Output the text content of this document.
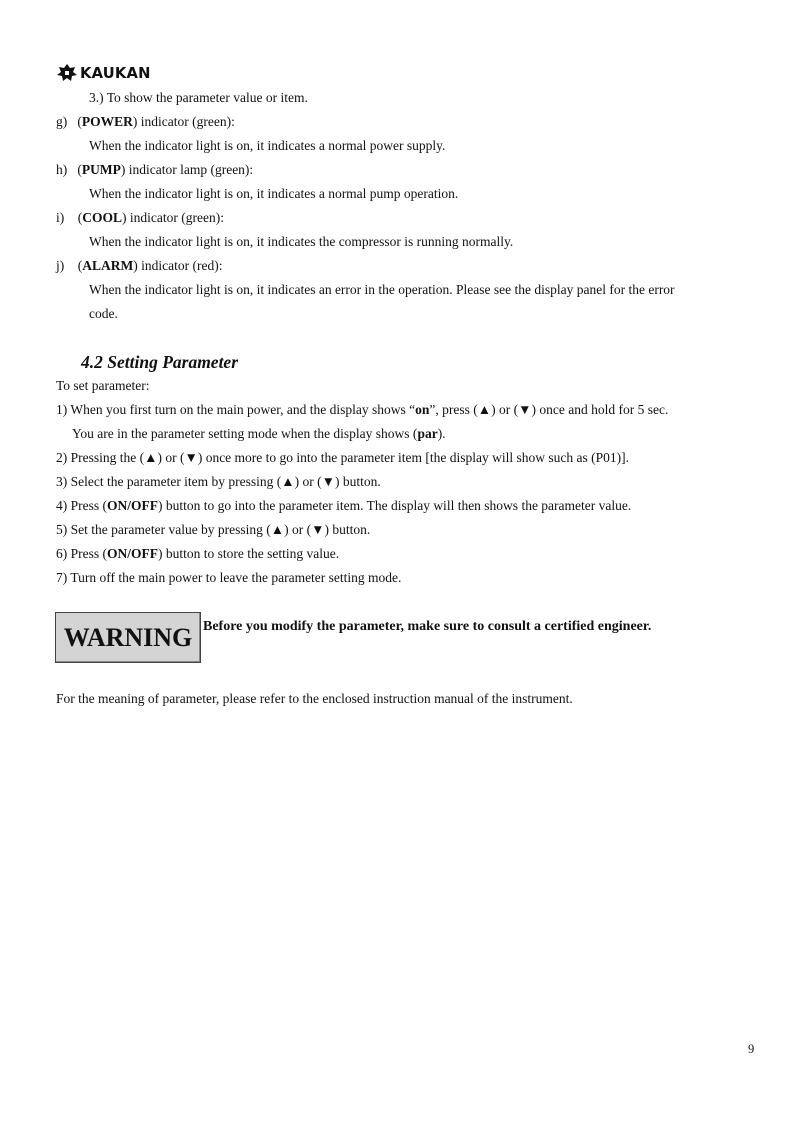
KAUKAN
3.) To show the parameter value or item.
g)   (POWER) indicator (green):
When the indicator light is on, it indicates a normal power supply.
h)   (PUMP) indicator lamp (green):
When the indicator light is on, it indicates a normal pump operation.
i)    (COOL) indicator (green):
When the indicator light is on, it indicates the compressor is running normally.
j)    (ALARM) indicator (red):
When the indicator light is on, it indicates an error in the operation. Please see the display panel for the error
code.
4.2 Setting Parameter
To set parameter:
1) When you first turn on the main power, and the display shows “on”, press (▲) or (▼) once and hold for 5 sec.
You are in the parameter setting mode when the display shows (par).
2) Pressing the (▲) or (▼) once more to go into the parameter item [the display will show such as (P01)].
3) Select the parameter item by pressing (▲) or (▼) button.
4) Press (ON/OFF) button to go into the parameter item. The display will then shows the parameter value.
5) Set the parameter value by pressing (▲) or (▼) button.
6) Press (ON/OFF) button to store the setting value.
7) Turn off the main power to leave the parameter setting mode.
WARNING Before you modify the parameter, make sure to consult a certified engineer.
For the meaning of parameter, please refer to the enclosed instruction manual of the instrument.
9
